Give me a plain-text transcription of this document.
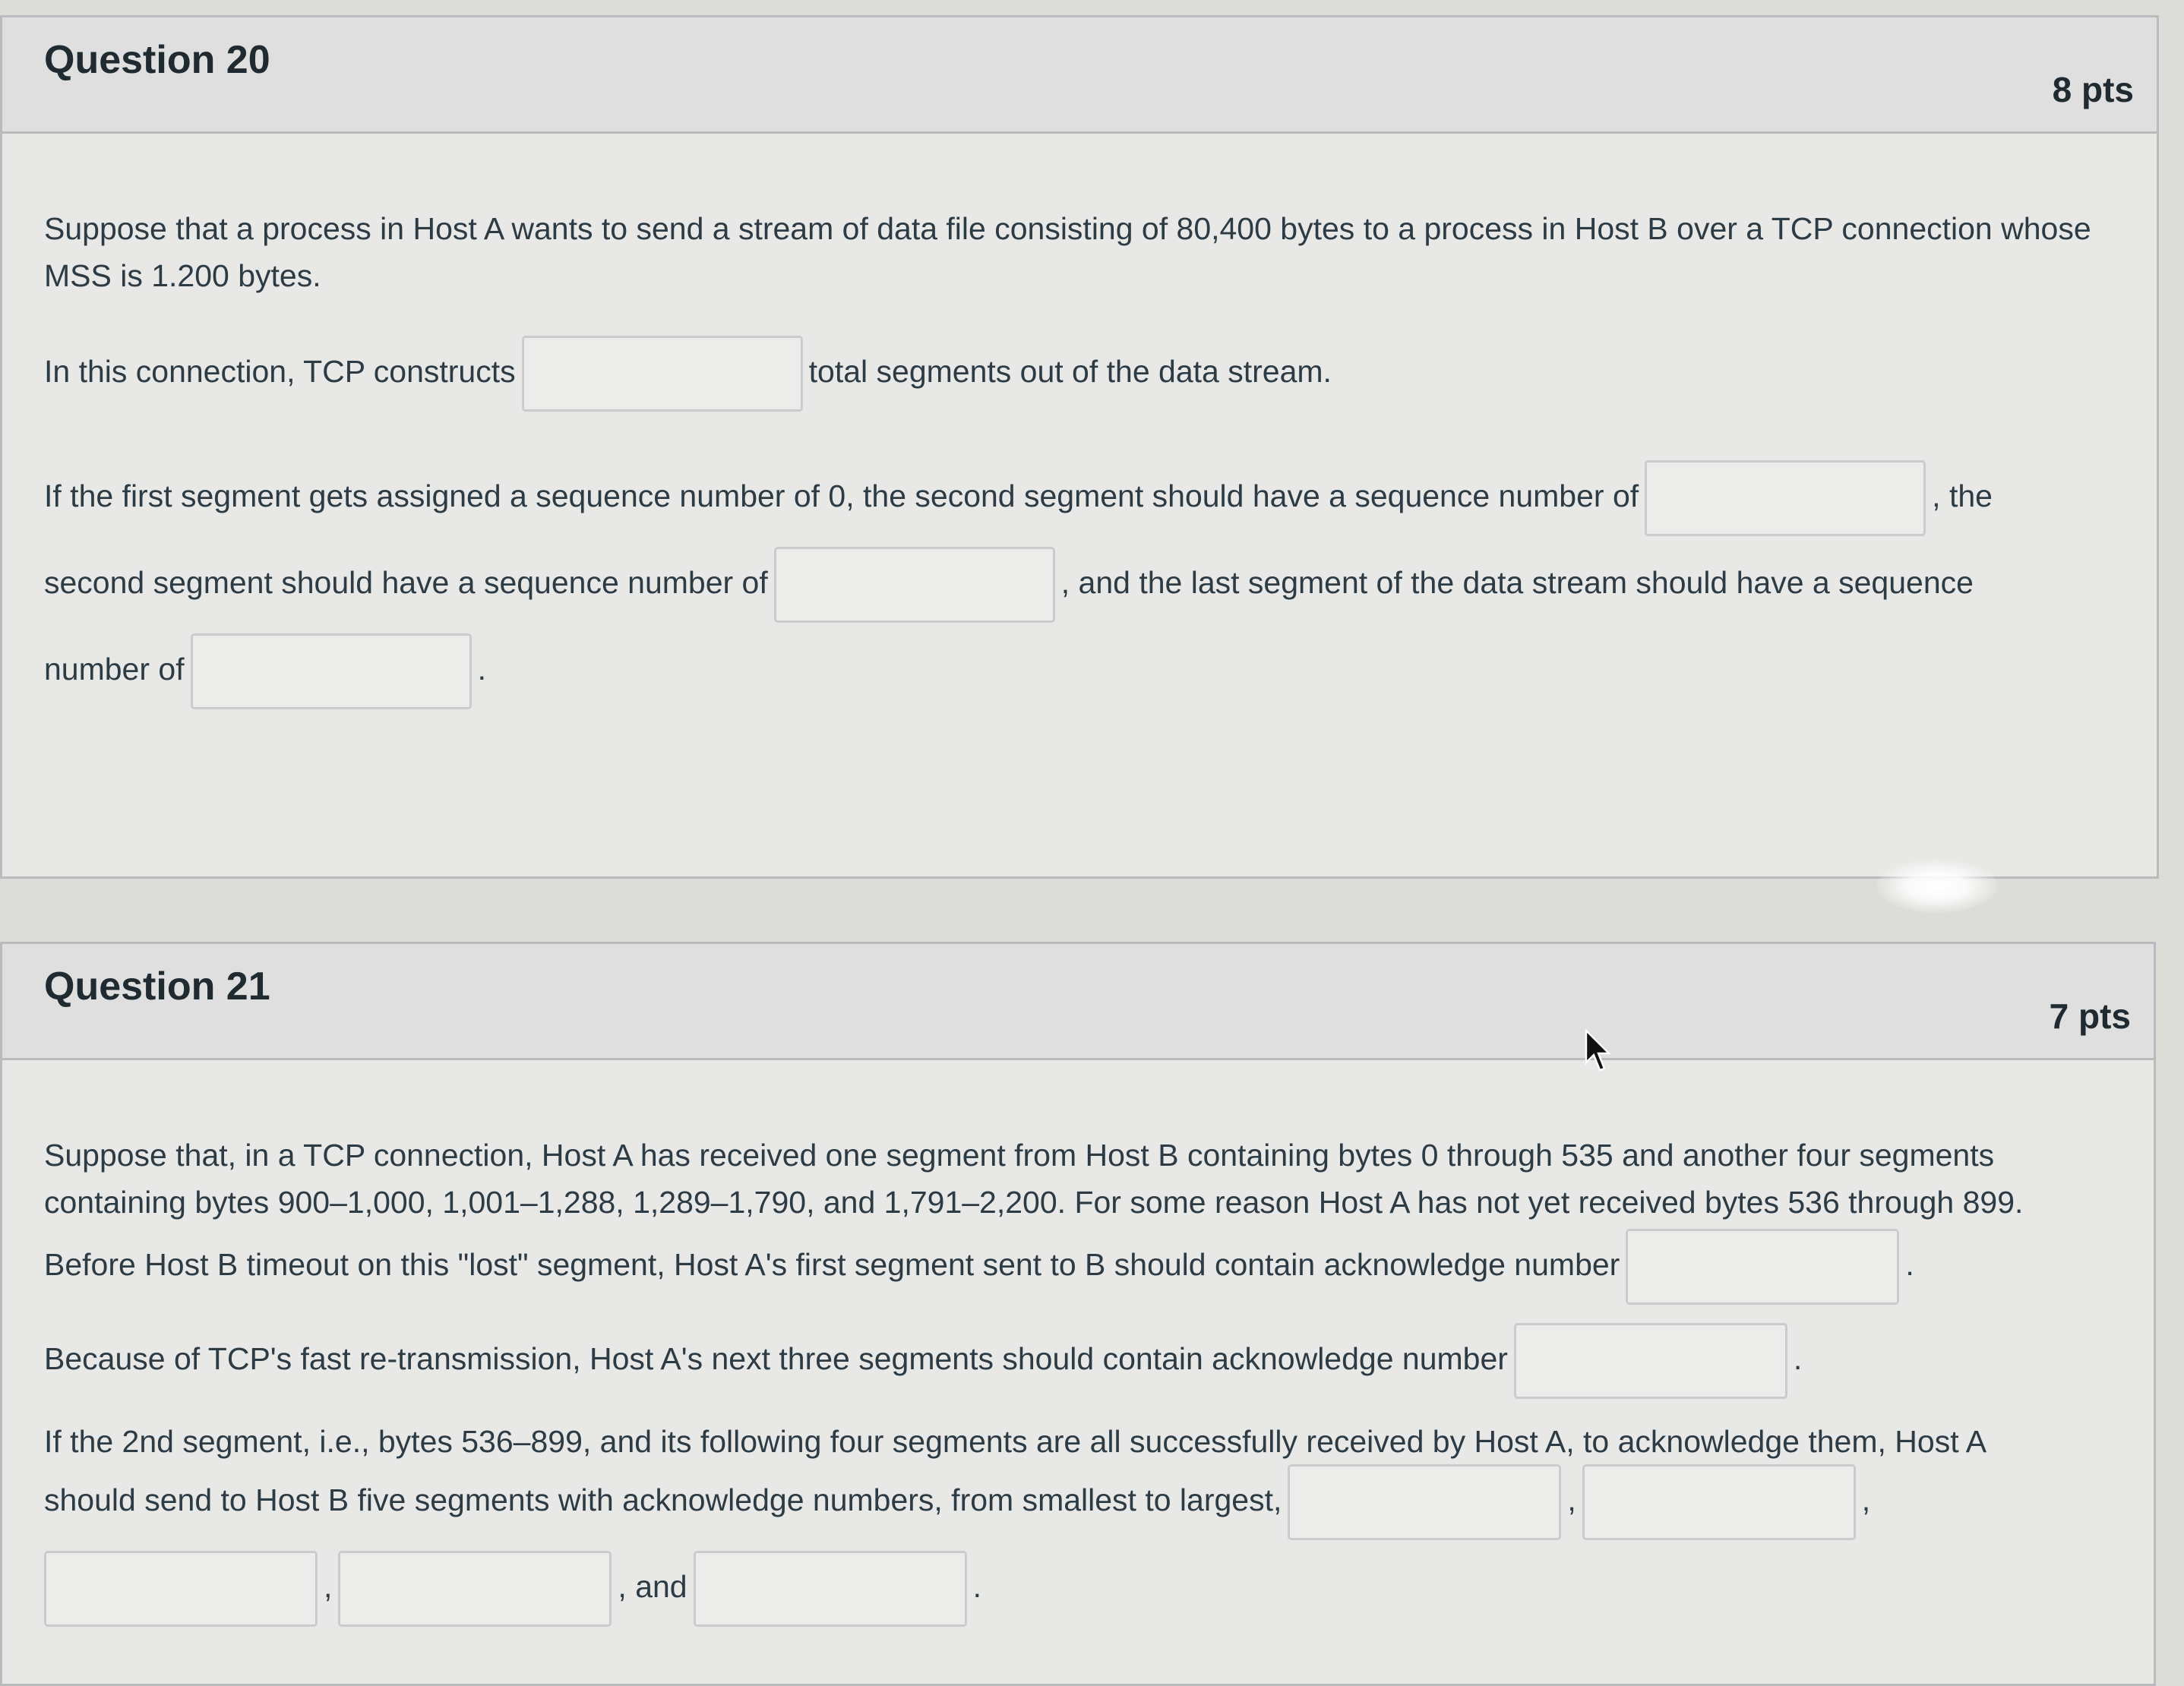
Question 20
8 pts

Suppose that a process in Host A wants to send a stream of data file consisting of 80,400 bytes to a process in Host B over a TCP connection whose MSS is 1.200 bytes.

In this connection, TCP constructs	total segments out of the data stream.
If the first segment gets assigned a sequence number of 0, the second segment should have a sequence number of	, the
second segment should have a sequence number of	, and the last segment of the data stream should have a sequence
number of	.
Question 21
7 pts

Suppose that, in a TCP connection, Host A has received one segment from Host B containing bytes 0 through 535 and another four segments containing bytes 900–1,000, 1,001–1,288, 1,289–1,790, and 1,791–2,200. For some reason Host A has not yet received bytes 536 through 899.

Before Host B timeout on this "lost" segment, Host A's first segment sent to B should contain acknowledge number	.
Because of TCP's fast re-transmission, Host A's next three segments should contain acknowledge number	.

If the 2nd segment, i.e., bytes 536–899, and its following four segments are all successfully received by Host A, to acknowledge them, Host A

should send to Host B five segments with acknowledge numbers, from smallest to largest,	,	,
,	, and	.
